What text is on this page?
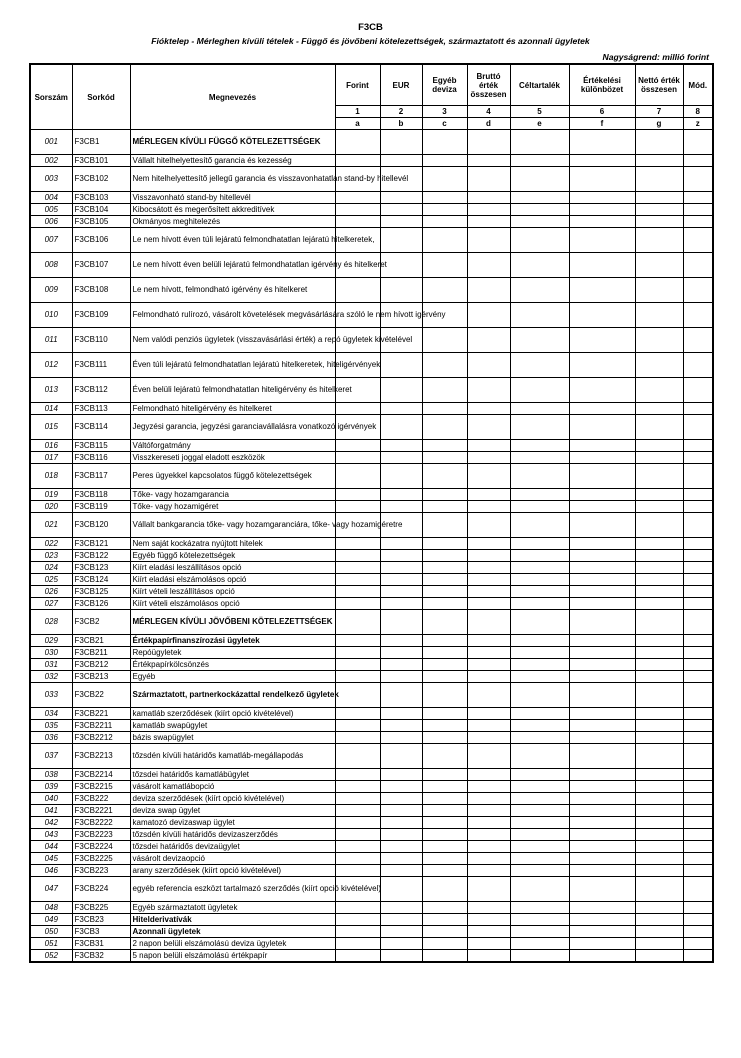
F3CB
Fióktelep - Mérleghen kívüli tételek - Függő és jövőbeni kötelezettségek, származtatott és azonnali ügyletek
Nagyságrend: millió forint
Sorszám	Sorkód	Megnevezés	Forint	EUR	Egyéb deviza	Bruttó érték összesen	Céltartalék	Értékelési különbözet	Nettó érték összesen	Mód.
			1	2	3	4	5	6	7	8
			a	b	c	d	e	f	g	z
001	F3CB1	MÉRLEGEN KÍVÜLI FÜGGŐ KÖTELEZETTSÉGEK								
002	F3CB101	Vállalt hitelhelyettesítő garancia és kezesség								
003	F3CB102	Nem hitelhelyettesítő jellegű garancia és visszavonhatatlan stand-by hitellevél								
004	F3CB103	Visszavonható stand-by hitellevél								
005	F3CB104	Kibocsátott és megerősített akkreditívek								
006	F3CB105	Okmányos meghitelezés								
007	F3CB106	Le nem hívott éven túli lejáratú felmondhatatlan lejáratú hitelkeretek,								
008	F3CB107	Le nem hívott éven belüli lejáratú felmondhatatlan igérvény és hitelkeret								
009	F3CB108	Le nem hívott, felmondható igérvény és hitelkeret								
010	F3CB109	Felmondható rulírozó, vásárolt követelések megvásárlására szóló le nem hívott igérvény								
011	F3CB110	Nem valódi penziós ügyletek (visszavásárlási érték) a repó ügyletek kivételével								
012	F3CB111	Éven túli lejáratú felmondhatatlan lejáratú hitelkeretek, hiteligérvények								
013	F3CB112	Éven belüli lejáratú felmondhatatlan hiteligérvény és hitelkeret								
014	F3CB113	Felmondható hiteligérvény és hitelkeret								
015	F3CB114	Jegyzési garancia, jegyzési garanciavállalásra vonatkozó igérvények								
016	F3CB115	Váltóforgatmány								
017	F3CB116	Visszkereseti joggal eladott eszközök								
018	F3CB117	Peres ügyekkel kapcsolatos függő kötelezettségek								
019	F3CB118	Tőke- vagy hozamgarancia								
020	F3CB119	Tőke- vagy hozamigéret								
021	F3CB120	Vállalt bankgarancia tőke- vagy hozamgaranciára, tőke- vagy hozamigéretre								
022	F3CB121	Nem saját kockázatra nyújtott hitelek								
023	F3CB122	Egyéb függő kötelezettségek								
024	F3CB123	Kiírt eladási leszállításos opció								
025	F3CB124	Kiírt eladási elszámolásos opció								
026	F3CB125	Kiírt vételi leszállításos opció								
027	F3CB126	Kiírt vételi elszámolásos opció								
028	F3CB2	MÉRLEGEN KÍVÜLI JÖVŐBENI KÖTELEZETTSÉGEK								
029	F3CB21	Értékpapírfinanszírozási ügyletek								
030	F3CB211	Repóügyletek								
031	F3CB212	Értékpapírkölcsönzés								
032	F3CB213	Egyéb								
033	F3CB22	Származtatott, partnerkockázattal rendelkező ügyletek								
034	F3CB221	kamatláb szerződések (kiírt opció kivételével)								
035	F3CB2211	kamatláb swapügylet								
036	F3CB2212	bázis swapügylet								
037	F3CB2213	tőzsdén kívüli határidős kamatláb-megállapodás								
038	F3CB2214	tőzsdei határidős kamatlábügylet								
039	F3CB2215	vásárolt kamatlábopció								
040	F3CB222	deviza szerződések (kiírt opció kivételével)								
041	F3CB2221	deviza swap ügylet								
042	F3CB2222	kamatozó devizaswap ügylet								
043	F3CB2223	tőzsdén kívüli határidős devizaszerződés								
044	F3CB2224	tőzsdei határidős devizaügylet								
045	F3CB2225	vásárolt devizaopció								
046	F3CB223	arany szerződések (kiírt opció kivételével)								
047	F3CB224	egyéb referencia eszközt tartalmazó szerződés (kiírt opció kivételével)								
048	F3CB225	Egyéb származtatott ügyletek								
049	F3CB23	Hitelderivatívák								
050	F3CB3	Azonnali ügyletek								
051	F3CB31	2 napon belüli elszámolású deviza ügyletek								
052	F3CB32	5 napon belüli elszámolású értékpapír								
